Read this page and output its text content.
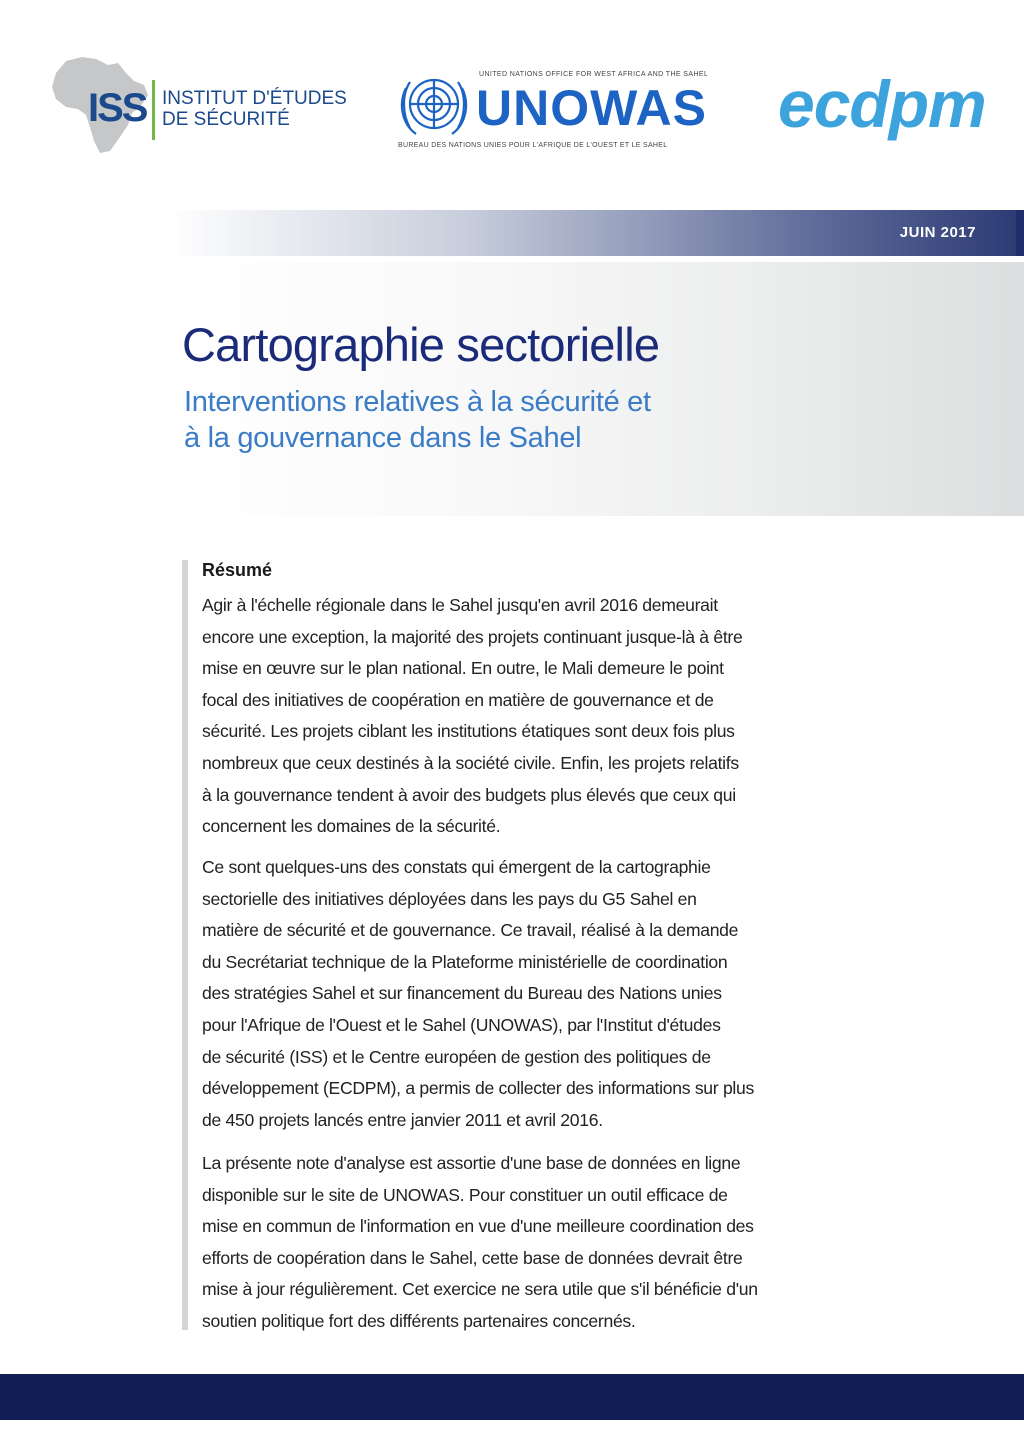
ISS INSTITUT D'ÉTUDES
DE SÉCURITÉ
UNITED NATIONS OFFICE FOR WEST AFRICA AND THE SAHEL
UNOWAS
BUREAU DES NATIONS UNIES POUR L'AFRIQUE DE L'OUEST ET LE SAHEL
ecdpm
JUIN 2017
Cartographie sectorielle
Interventions relatives à la sécurité et
à la gouvernance dans le Sahel
Résumé

Agir à l'échelle régionale dans le Sahel jusqu'en avril 2016 demeurait
encore une exception, la majorité des projets continuant jusque-là à être
mise en œuvre sur le plan national. En outre, le Mali demeure le point
focal des initiatives de coopération en matière de gouvernance et de
sécurité. Les projets ciblant les institutions étatiques sont deux fois plus
nombreux que ceux destinés à la société civile. Enfin, les projets relatifs
à la gouvernance tendent à avoir des budgets plus élevés que ceux qui
concernent les domaines de la sécurité.

Ce sont quelques-uns des constats qui émergent de la cartographie
sectorielle des initiatives déployées dans les pays du G5 Sahel en
matière de sécurité et de gouvernance. Ce travail, réalisé à la demande
du Secrétariat technique de la Plateforme ministérielle de coordination
des stratégies Sahel et sur financement du Bureau des Nations unies
pour l'Afrique de l'Ouest et le Sahel (UNOWAS), par l'Institut d'études
de sécurité (ISS) et le Centre européen de gestion des politiques de
développement (ECDPM), a permis de collecter des informations sur plus
de 450 projets lancés entre janvier 2011 et avril 2016.

La présente note d'analyse est assortie d'une base de données en ligne
disponible sur le site de UNOWAS. Pour constituer un outil efficace de
mise en commun de l'information en vue d'une meilleure coordination des
efforts de coopération dans le Sahel, cette base de données devrait être
mise à jour régulièrement. Cet exercice ne sera utile que s'il bénéficie d'un
soutien politique fort des différents partenaires concernés.
